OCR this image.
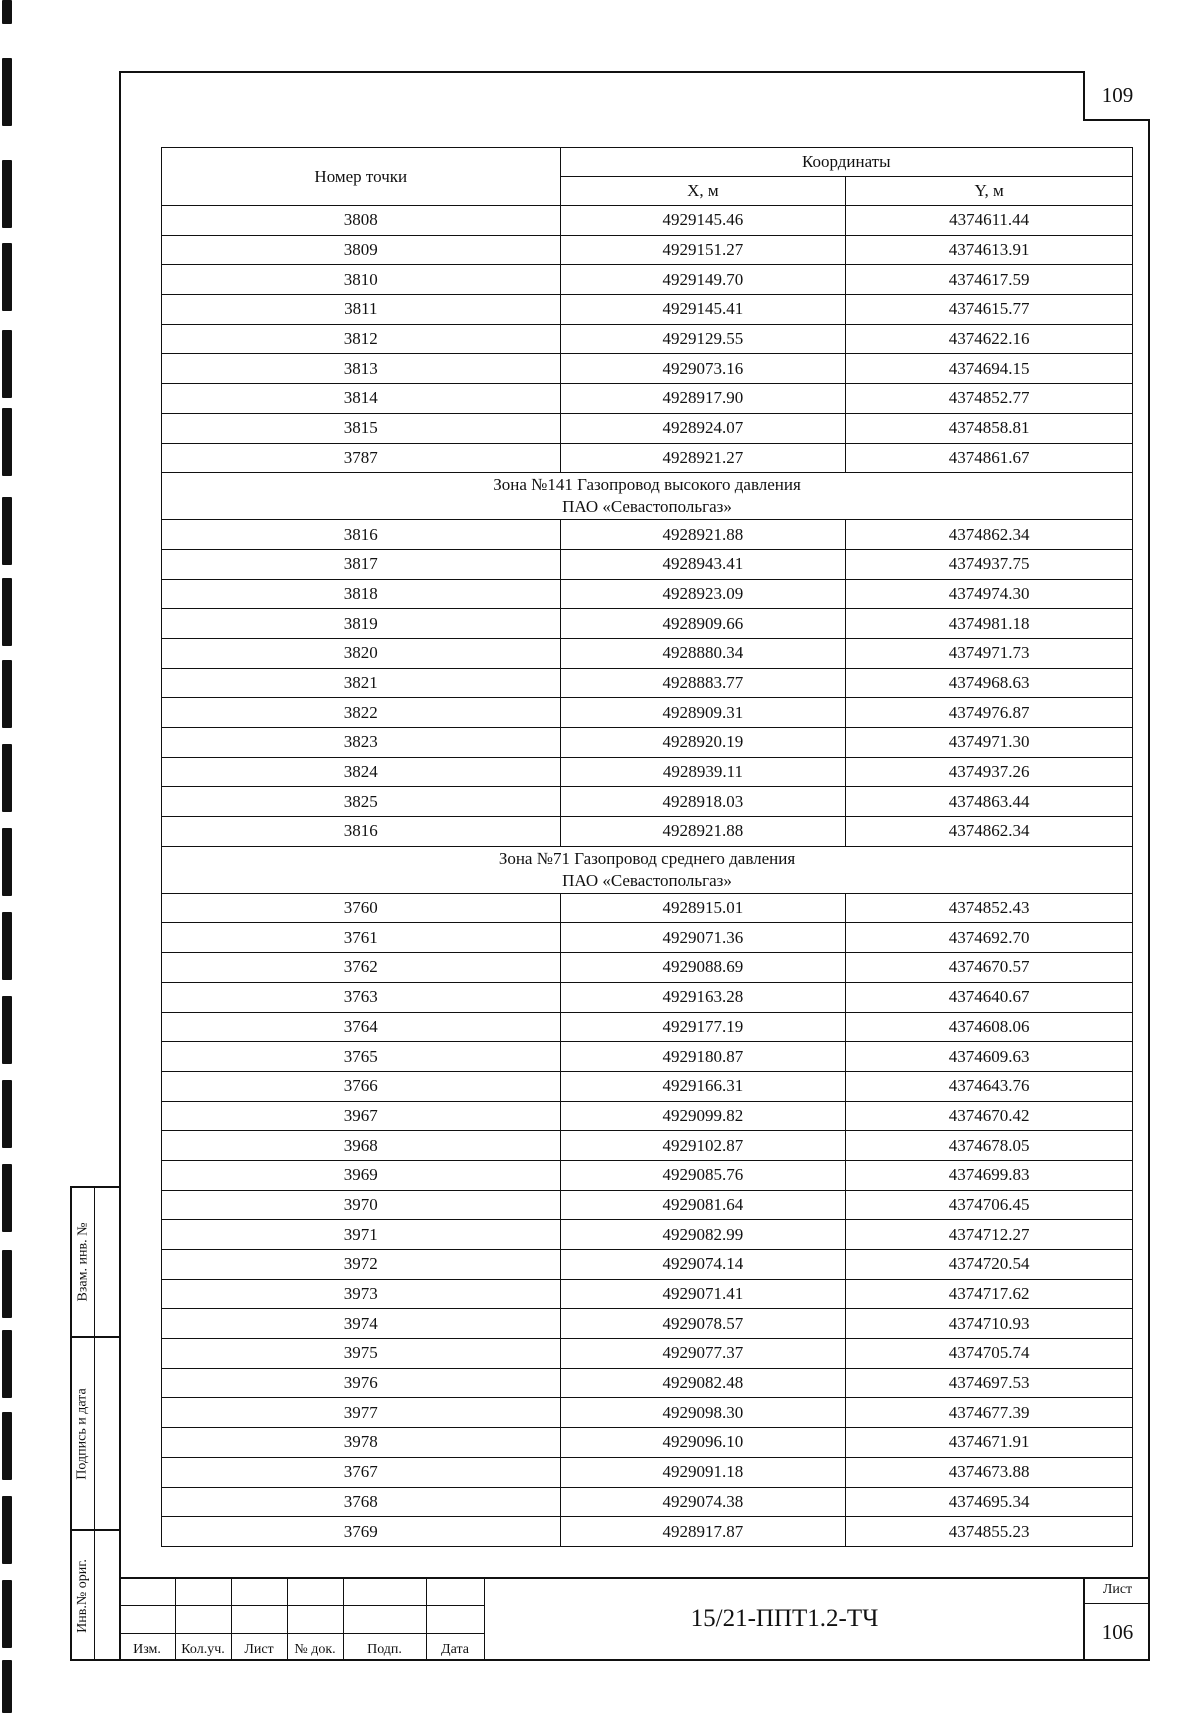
109
Номер точки	Координаты	
	X, м	Y, м
3808	4929145.46	4374611.44
3809	4929151.27	4374613.91
3810	4929149.70	4374617.59
3811	4929145.41	4374615.77
3812	4929129.55	4374622.16
3813	4929073.16	4374694.15
3814	4928917.90	4374852.77
3815	4928924.07	4374858.81
3787	4928921.27	4374861.67

Зона №141 Газопровод высокого давления
ПАО «Севастопольгаз»		

3816	4928921.88	4374862.34
3817	4928943.41	4374937.75
3818	4928923.09	4374974.30
3819	4928909.66	4374981.18
3820	4928880.34	4374971.73
3821	4928883.77	4374968.63
3822	4928909.31	4374976.87
3823	4928920.19	4374971.30
3824	4928939.11	4374937.26
3825	4928918.03	4374863.44
3816	4928921.88	4374862.34

Зона №71 Газопровод среднего давления
ПАО «Севастопольгаз»		

3760	4928915.01	4374852.43
3761	4929071.36	4374692.70
3762	4929088.69	4374670.57
3763	4929163.28	4374640.67
3764	4929177.19	4374608.06
3765	4929180.87	4374609.63
3766	4929166.31	4374643.76
3967	4929099.82	4374670.42
3968	4929102.87	4374678.05
3969	4929085.76	4374699.83
3970	4929081.64	4374706.45
3971	4929082.99	4374712.27
3972	4929074.14	4374720.54
3973	4929071.41	4374717.62
3974	4929078.57	4374710.93
3975	4929077.37	4374705.74
3976	4929082.48	4374697.53
3977	4929098.30	4374677.39
3978	4929096.10	4374671.91
3767	4929091.18	4374673.88
3768	4929074.38	4374695.34
3769	4928917.87	4374855.23
Взам. инв. №
Подпись и дата
Инв.№ ориг.
Изм.	Кол.уч.	Лист	№ док.	Подп.	Дата
15/21-ППТ1.2-ТЧ
Лист
106
